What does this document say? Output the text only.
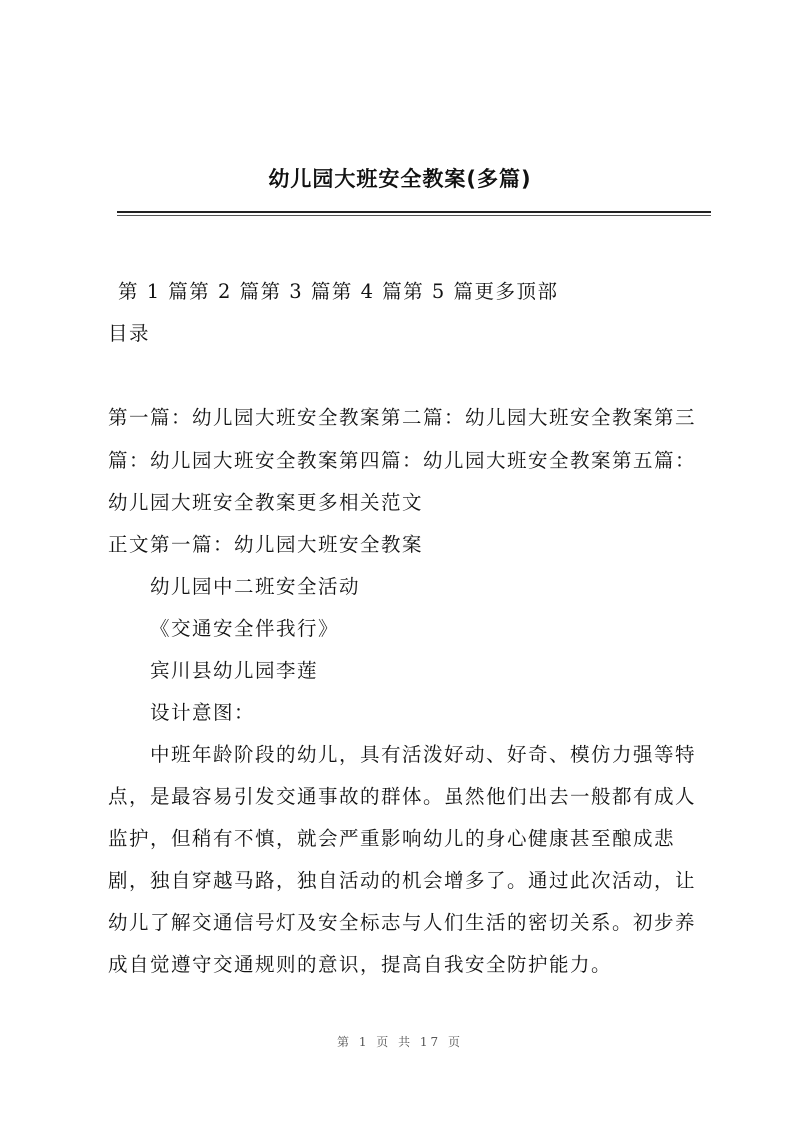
幼儿园大班安全教案(多篇)
第 1 篇第 2 篇第 3 篇第 4 篇第 5 篇更多顶部
目录
第一篇：幼儿园大班安全教案第二篇：幼儿园大班安全教案第三
篇：幼儿园大班安全教案第四篇：幼儿园大班安全教案第五篇：
幼儿园大班安全教案更多相关范文
正文第一篇：幼儿园大班安全教案
幼儿园中二班安全活动
《交通安全伴我行》
宾川县幼儿园李莲
设计意图：
中班年龄阶段的幼儿，具有活泼好动、好奇、模仿力强等特
点，是最容易引发交通事故的群体。虽然他们出去一般都有成人
监护，但稍有不慎，就会严重影响幼儿的身心健康甚至酿成悲
剧，独自穿越马路，独自活动的机会增多了。通过此次活动，让
幼儿了解交通信号灯及安全标志与人们生活的密切关系。初步养
成自觉遵守交通规则的意识，提高自我安全防护能力。
第 1 页 共 17 页
